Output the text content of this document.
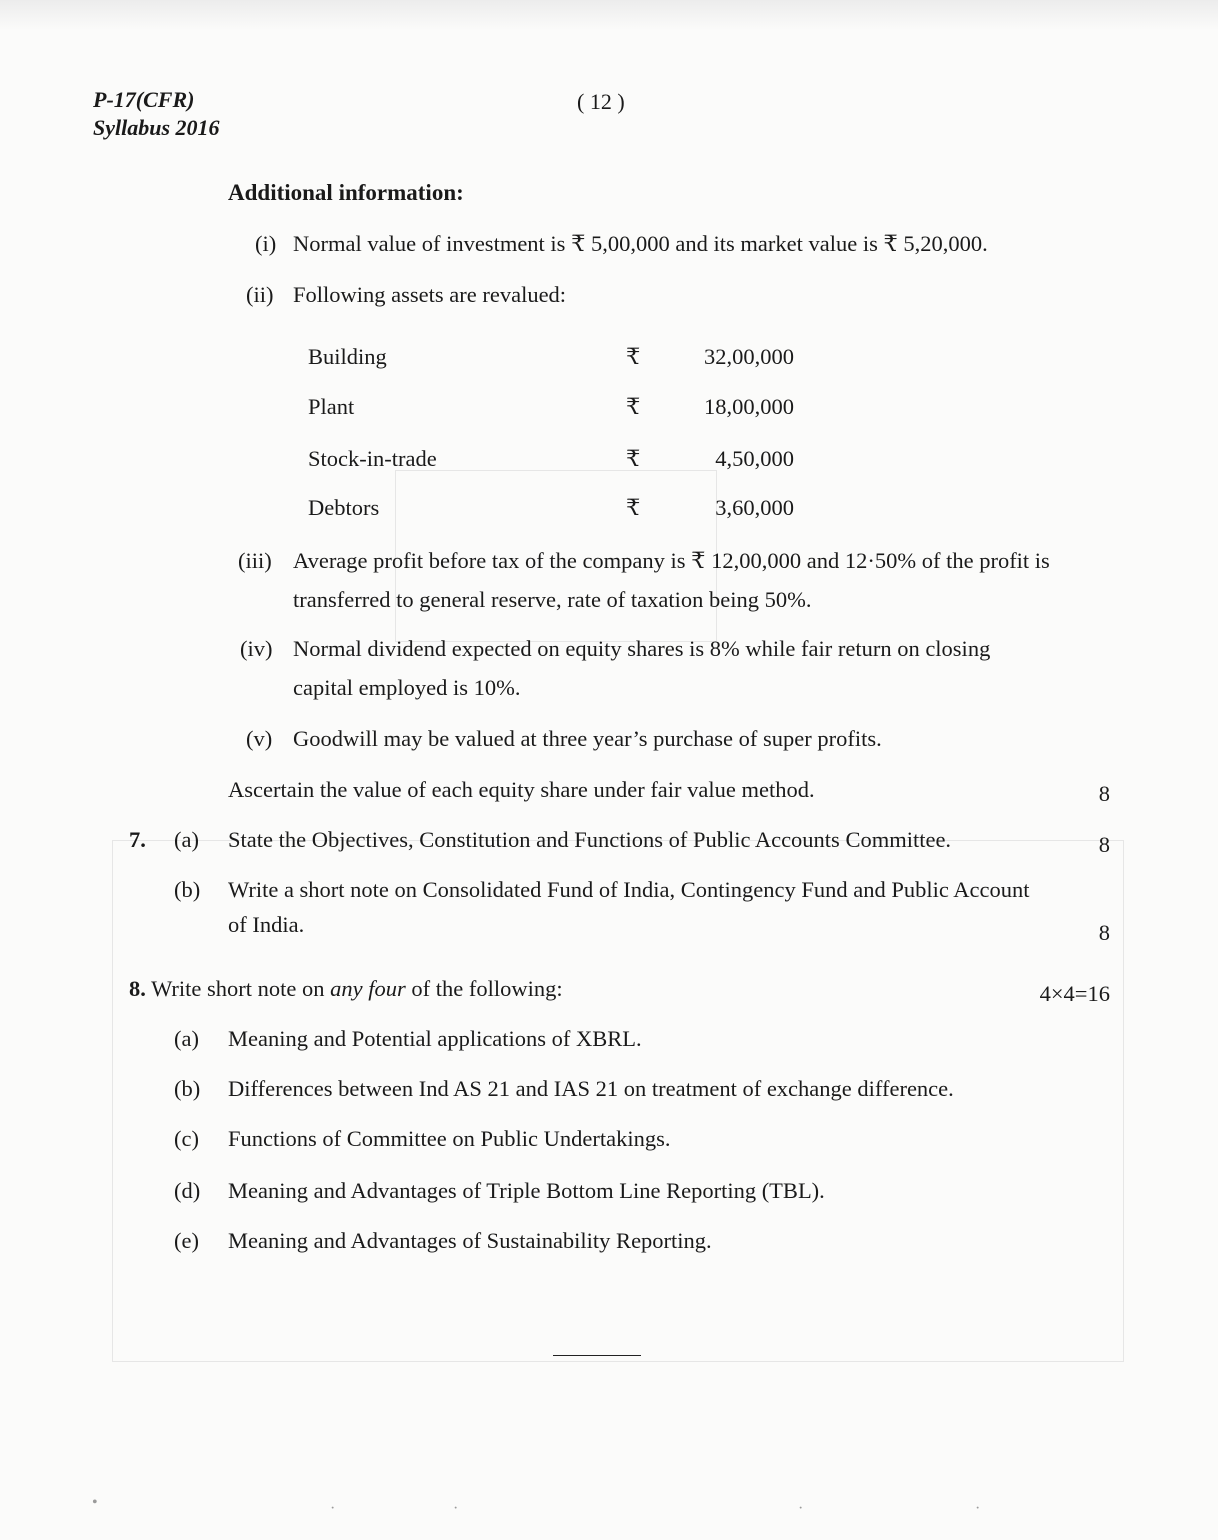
P-17(CFR)
Syllabus 2016
( 12 )
Additional information:
(i) Normal value of investment is ₹ 5,00,000 and its market value is ₹ 5,20,000.
(ii) Following assets are revalued:
Building	₹	32,00,000
Plant	₹	18,00,000
Stock-in-trade	₹	4,50,000
Debtors	₹	3,60,000
(iii) Average profit before tax of the company is ₹ 12,00,000 and 12·50% of the profit is
transferred to general reserve, rate of taxation being 50%.
(iv) Normal dividend expected on equity shares is 8% while fair return on closing
capital employed is 10%.
(v) Goodwill may be valued at three year’s purchase of super profits.
Ascertain the value of each equity share under fair value method.	8
7. (a) State the Objectives, Constitution and Functions of Public Accounts Committee.	8
(b) Write a short note on Consolidated Fund of India, Contingency Fund and Public Account
of India.	8
8. Write short note on any four of the following:	4×4=16
(a) Meaning and Potential applications of XBRL.
(b) Differences between Ind AS 21 and IAS 21 on treatment of exchange difference.
(c) Functions of Committee on Public Undertakings.
(d) Meaning and Advantages of Triple Bottom Line Reporting (TBL).
(e) Meaning and Advantages of Sustainability Reporting.
•	·	·	·	·
